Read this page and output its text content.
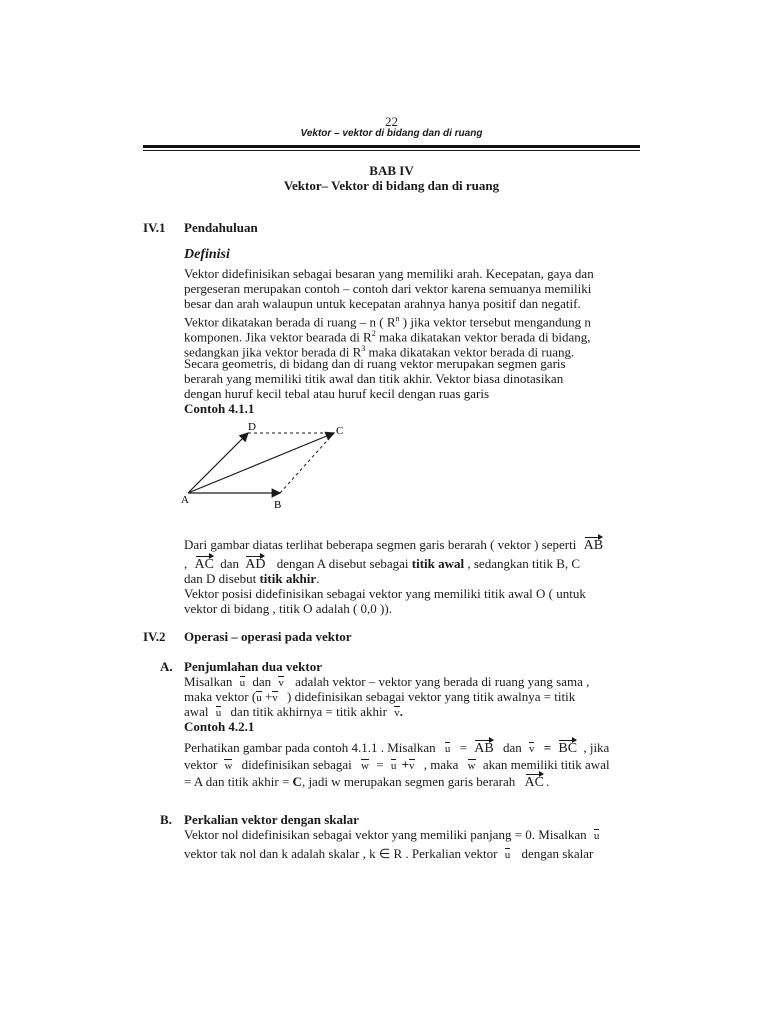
22
Vektor – vektor di bidang dan di ruang
BAB IV
Vektor– Vektor di bidang dan di ruang
IV.1 Pendahuluan
Definisi
Vektor didefinisikan sebagai besaran yang memiliki arah. Kecepatan, gaya dan
pergeseran merupakan contoh – contoh dari vektor karena semuanya memiliki
besar dan arah walaupun untuk kecepatan arahnya hanya positif dan negatif.
Vektor dikatakan berada di ruang – n ( $R^n$ ) jika vektor tersebut mengandung n
komponen. Jika vektor bearada di $R^2$ maka dikatakan vektor berada di bidang,
sedangkan jika vektor berada di $R^3$ maka dikatakan vektor berada di ruang.
Secara geometris, di bidang dan di ruang vektor merupakan segmen garis
berarah yang memiliki titik awal dan titik akhir. Vektor biasa dinotasikan
dengan huruf kecil tebal atau huruf kecil dengan ruas garis
Contoh 4.1.1
A	B
C
D
Dari gambar diatas terlihat beberapa segmen garis berarah ( vektor ) seperti AB
, AC dan AD dengan A disebut sebagai titik awal , sedangkan titik B, C
dan D disebut titik akhir.
Vektor posisi didefinisikan sebagai vektor yang memiliki titik awal O ( untuk
vektor di bidang , titik O adalah ( 0,0 )).
IV.2 Operasi – operasi pada vektor
A. Penjumlahan dua vektor
Misalkan u dan v adalah vektor – vektor yang berada di ruang yang sama ,
maka vektor (u +v ) didefinisikan sebagai vektor yang titik awalnya = titik
awal u dan titik akhirnya = titik akhir v.
Contoh 4.2.1
Perhatikan gambar pada contoh 4.1.1 . Misalkan u = AB dan v = BC , jika
vektor w didefinisikan sebagai w = u +v , maka w akan memiliki titik awal
= A dan titik akhir = C, jadi w merupakan segmen garis berarah AC .
B. Perkalian vektor dengan skalar
Vektor nol didefinisikan sebagai vektor yang memiliki panjang = 0. Misalkan u
vektor tak nol dan k adalah skalar , k ∈ R . Perkalian vektor u dengan skalar
